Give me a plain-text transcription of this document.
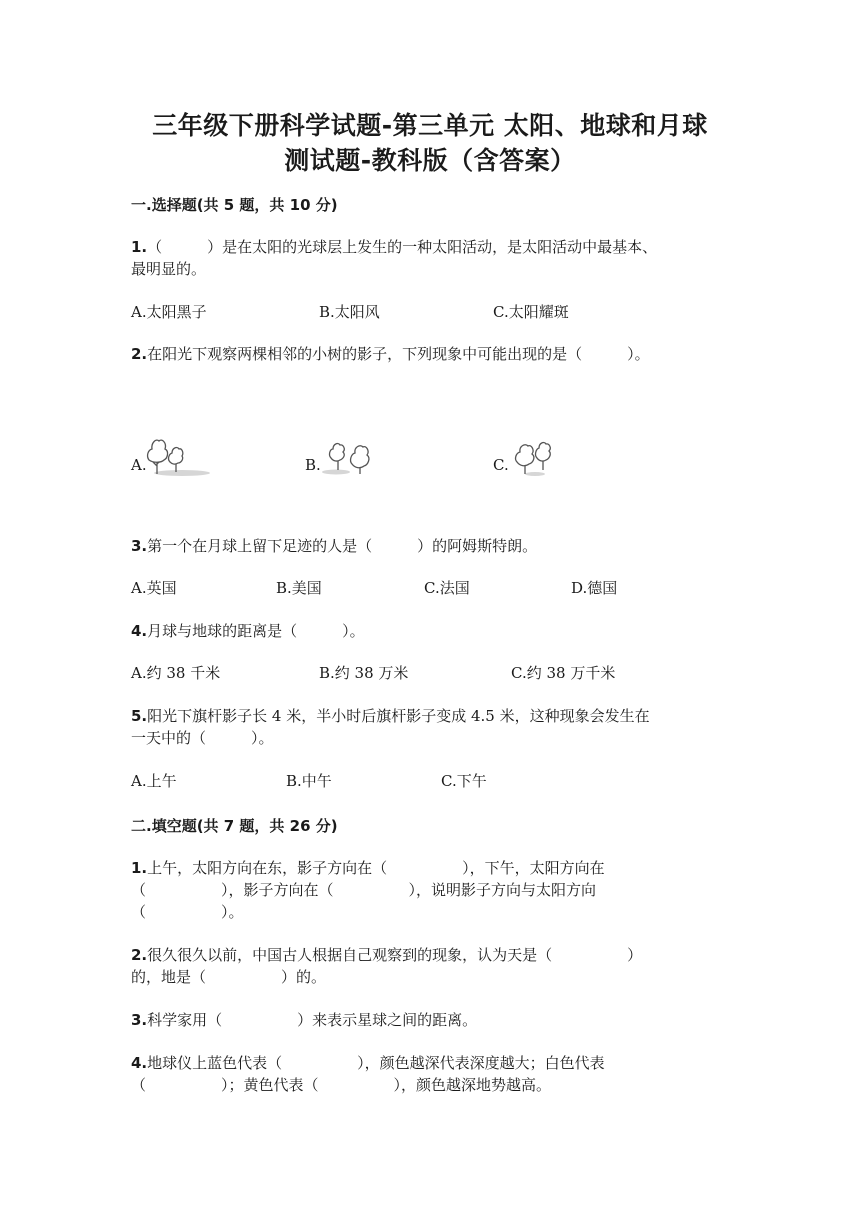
三年级下册科学试题-第三单元 太阳、地球和月球
测试题-教科版（含答案）
一.选择题(共 5 题，共 10 分)
1.（　　　）是在太阳的光球层上发生的一种太阳活动，是太阳活动中最基本、
最明显的。
A.太阳黑子	B.太阳风	C.太阳耀斑
2.在阳光下观察两棵相邻的小树的影子，下列现象中可能出现的是（　　　）。
A.	B.	C.
3.第一个在月球上留下足迹的人是（　　　）的阿姆斯特朗。
A.英国	B.美国	C.法国	D.德国
4.月球与地球的距离是（　　　）。
A.约 38 千米	B.约 38 万米	C.约 38 万千米
5.阳光下旗杆影子长 4 米，半小时后旗杆影子变成 4.5 米，这种现象会发生在
一天中的（　　　）。
A.上午	B.中午	C.下午
二.填空题(共 7 题，共 26 分)
1.上午，太阳方向在东，影子方向在（　　　　　），下午，太阳方向在
（　　　　　），影子方向在（　　　　　），说明影子方向与太阳方向
（　　　　　）。
2.很久很久以前，中国古人根据自己观察到的现象，认为天是（　　　　　）
的，地是（　　　　　）的。
3.科学家用（　　　　　）来表示星球之间的距离。
4.地球仪上蓝色代表（　　　　　），颜色越深代表深度越大；白色代表
（　　　　　）；黄色代表（　　　　　），颜色越深地势越高。
